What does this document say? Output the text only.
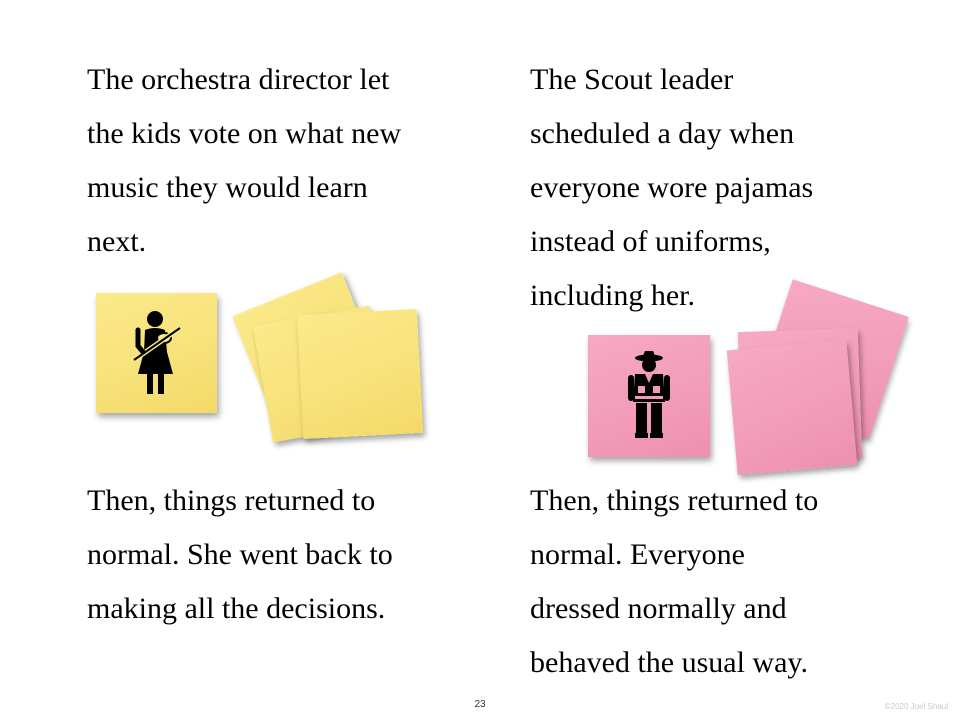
The orchestra director let
the kids vote on what new
music they would learn
next.

The Scout leader
scheduled a day when
everyone wore pajamas
instead of uniforms,
including her.

Then, things returned to
normal. She went back to
making all the decisions.

Then, things returned to
normal. Everyone
dressed normally and
behaved the usual way.

23	©2020 Joel Shaul
